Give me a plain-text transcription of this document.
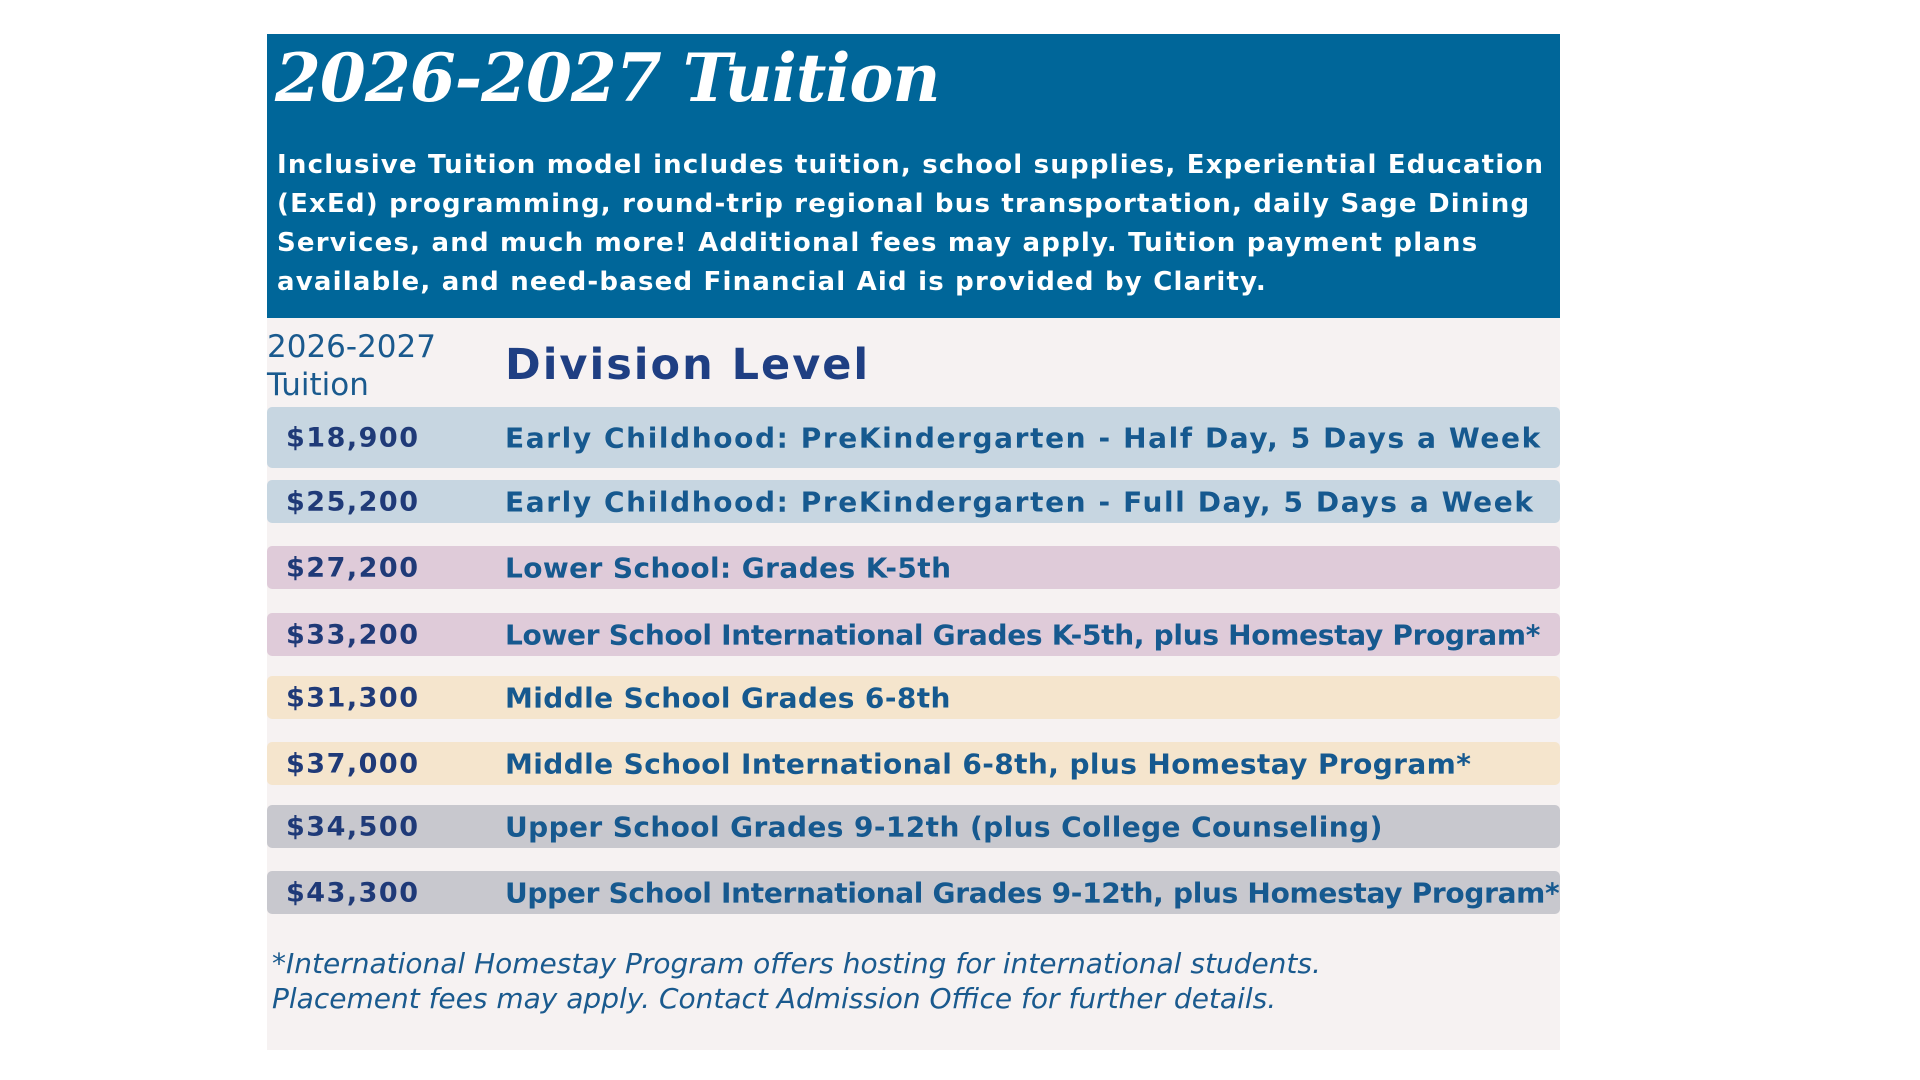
2026-2027 Tuition
Inclusive Tuition model includes tuition, school supplies, Experiential Education (ExEd) programming, round-trip regional bus transportation, daily Sage Dining Services, and much more! Additional fees may apply. Tuition payment plans available, and need-based Financial Aid is provided by Clarity.
2026-2027
Tuition	Division Level
$18,900	Early Childhood: PreKindergarten - Half Day, 5 Days a Week
$25,200	Early Childhood: PreKindergarten - Full Day, 5 Days a Week
$27,200	Lower School: Grades K-5th
$33,200	Lower School International Grades K-5th, plus Homestay Program*
$31,300	Middle School Grades 6-8th
$37,000	Middle School International 6-8th, plus Homestay Program*
$34,500	Upper School Grades 9-12th (plus College Counseling)
$43,300	Upper School International Grades 9-12th, plus Homestay Program*
*International Homestay Program offers hosting for international students.
Placement fees may apply. Contact Admission Office for further details.
